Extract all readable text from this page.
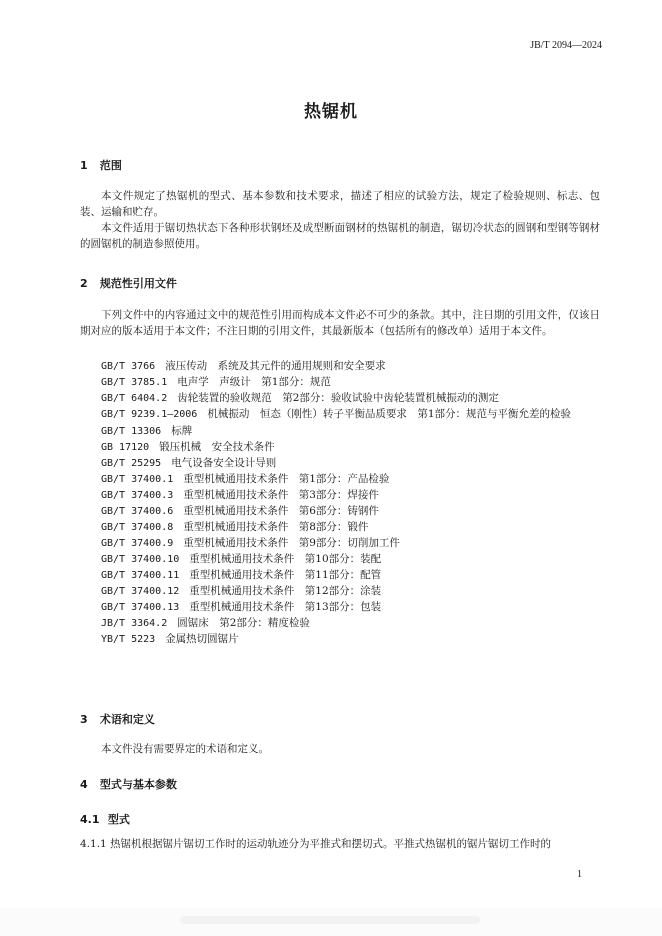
JB/T 2094—2024
热锯机
1 范围
本文件规定了热锯机的型式、基本参数和技术要求，描述了相应的试验方法，规定了检验规则、标志、包装、运输和贮存。
本文件适用于锯切热状态下各种形状钢坯及成型断面钢材的热锯机的制造，锯切冷状态的圆钢和型钢等钢材的圆锯机的制造参照使用。
2 规范性引用文件
下列文件中的内容通过文中的规范性引用而构成本文件必不可少的条款。其中，注日期的引用文件，仅该日期对应的版本适用于本文件；不注日期的引用文件，其最新版本（包括所有的修改单）适用于本文件。
GB/T 3766 液压传动　系统及其元件的通用规则和安全要求
GB/T 3785.1 电声学　声级计　第1部分：规范
GB/T 6404.2 齿轮装置的验收规范　第2部分：验收试验中齿轮装置机械振动的测定
GB/T 9239.1—2006 机械振动　恒态（刚性）转子平衡品质要求　第1部分：规范与平衡允差的检验
GB/T 13306 标牌
GB 17120 锻压机械　安全技术条件
GB/T 25295 电气设备安全设计导则
GB/T 37400.1 重型机械通用技术条件　第1部分：产品检验
GB/T 37400.3 重型机械通用技术条件　第3部分：焊接件
GB/T 37400.6 重型机械通用技术条件　第6部分：铸钢件
GB/T 37400.8 重型机械通用技术条件　第8部分：锻件
GB/T 37400.9 重型机械通用技术条件　第9部分：切削加工件
GB/T 37400.10 重型机械通用技术条件　第10部分：装配
GB/T 37400.11 重型机械通用技术条件　第11部分：配管
GB/T 37400.12 重型机械通用技术条件　第12部分：涂装
GB/T 37400.13 重型机械通用技术条件　第13部分：包装
JB/T 3364.2 圆锯床　第2部分：精度检验
YB/T 5223 金属热切圆锯片
3 术语和定义
本文件没有需要界定的术语和定义。
4 型式与基本参数
4.1 型式
4.1.1 热锯机根据锯片锯切工作时的运动轨迹分为平推式和摆切式。平推式热锯机的锯片锯切工作时的
1
